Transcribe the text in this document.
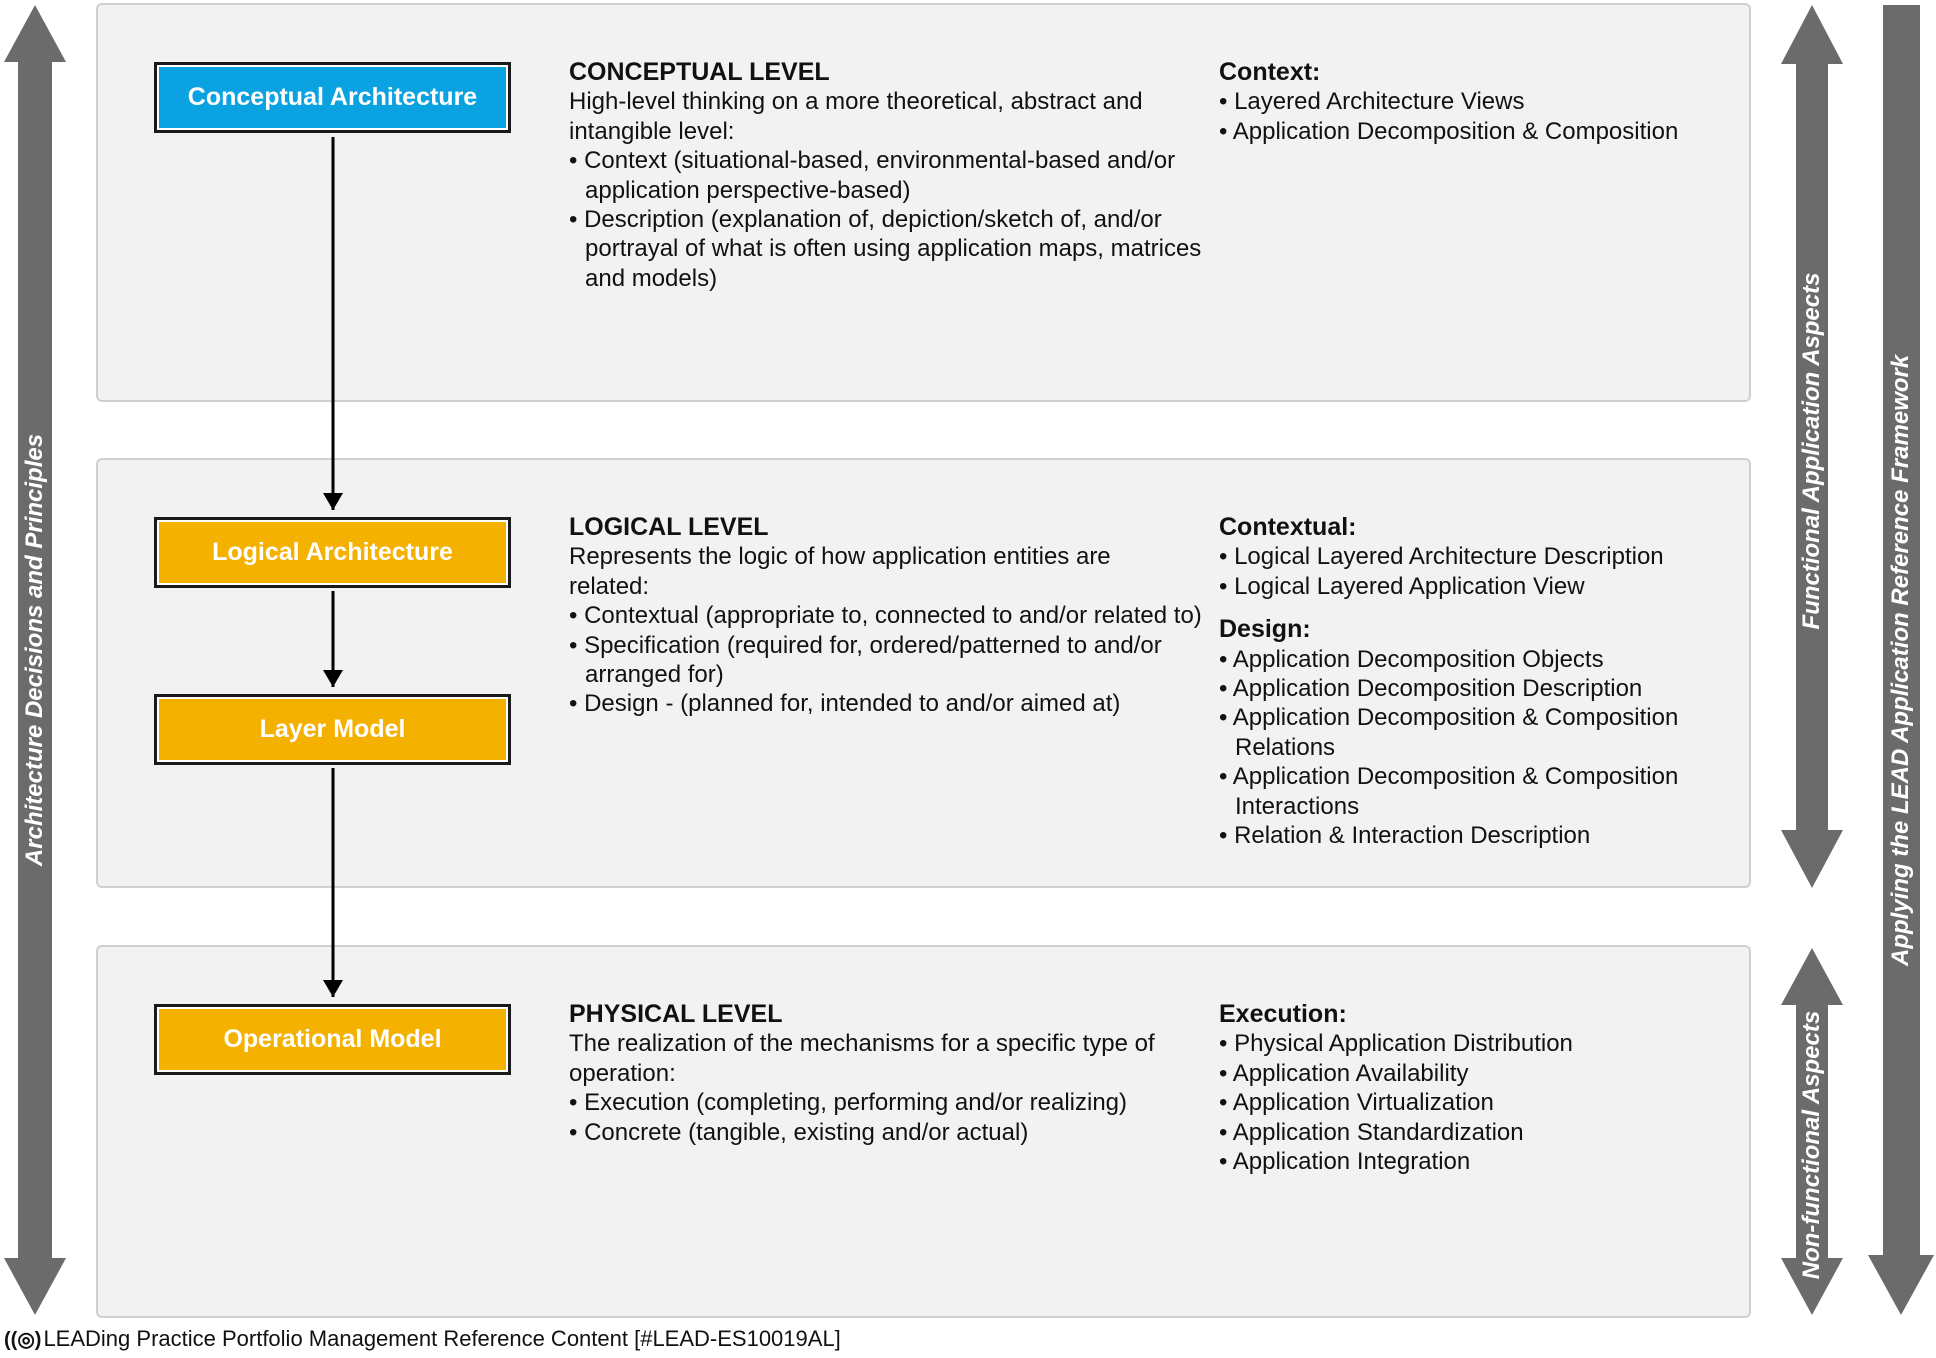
Architecture Decisions and Principles	Functional Application Aspects
Non-functional Aspects
Applying the LEAD Application Reference Framework
Conceptual Architecture
Logical Architecture
Layer Model
Operational Model
CONCEPTUAL LEVEL
High-level thinking on a more theoretical, abstract and
intangible level:
• Context (situational-based, environmental-based and/or application perspective-based)
• Description (explanation of, depiction/sketch of, and/or portrayal of what is often using application maps, matrices and models)
Context:
• Layered Architecture Views
• Application Decomposition & Composition
LOGICAL LEVEL
Represents the logic of how application entities are
related:
• Contextual (appropriate to, connected to and/or related to)
• Specification (required for, ordered/patterned to and/or arranged for)
• Design - (planned for, intended to and/or aimed at)
Contextual:
• Logical Layered Architecture Description
• Logical Layered Application View
Design:
• Application Decomposition Objects
• Application Decomposition Description
• Application Decomposition & Composition Relations
• Application Decomposition & Composition Interactions
• Relation & Interaction Description
PHYSICAL LEVEL
The realization of the mechanisms for a specific type of
operation:
• Execution (completing, performing and/or realizing)
• Concrete (tangible, existing and/or actual)
Execution:
• Physical Application Distribution
• Application Availability
• Application Virtualization
• Application Standardization
• Application Integration
((◎) LEA Ding Practice Portfolio Management Reference Content [#LEAD-ES10019AL]
